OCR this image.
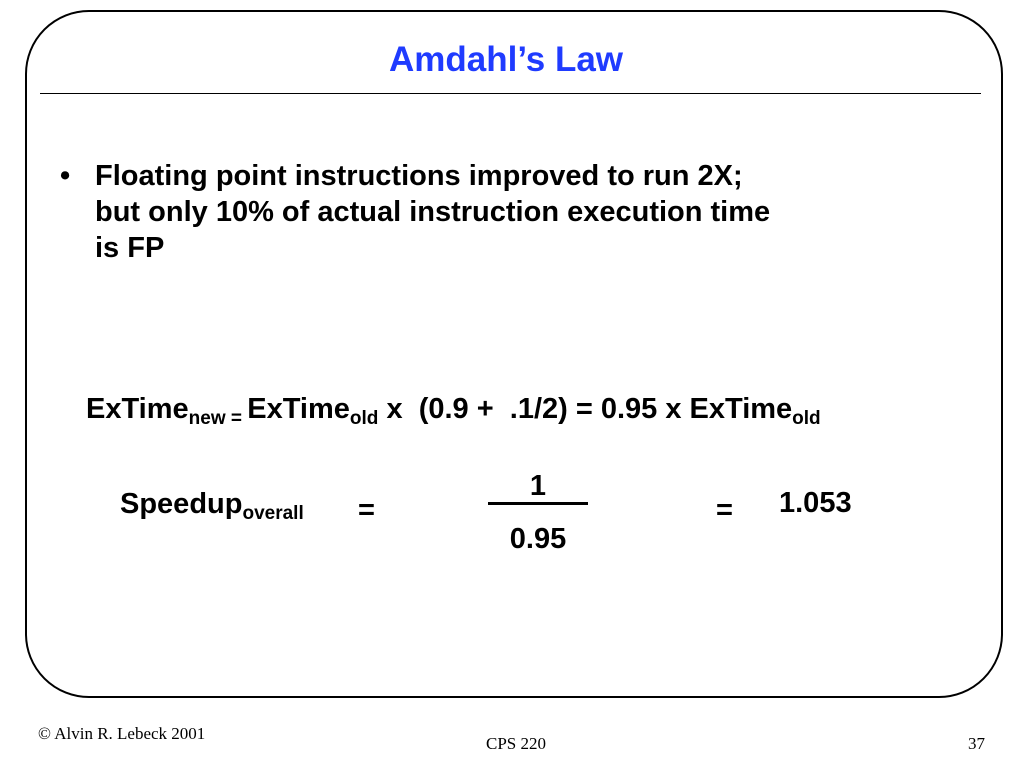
Amdahl’s Law
• Floating point instructions improved to run 2X;
but only 10% of actual instruction execution time
is FP
ExTime$_{new}$ $_=$ ExTime$_{old}$ x  (0.9 +  .1/2) = 0.95 x ExTime$_{old}$
Speedup$_{overall}$ =
1
0.95
= 1.053
© Alvin R. Lebeck 2001
CPS 220	37
